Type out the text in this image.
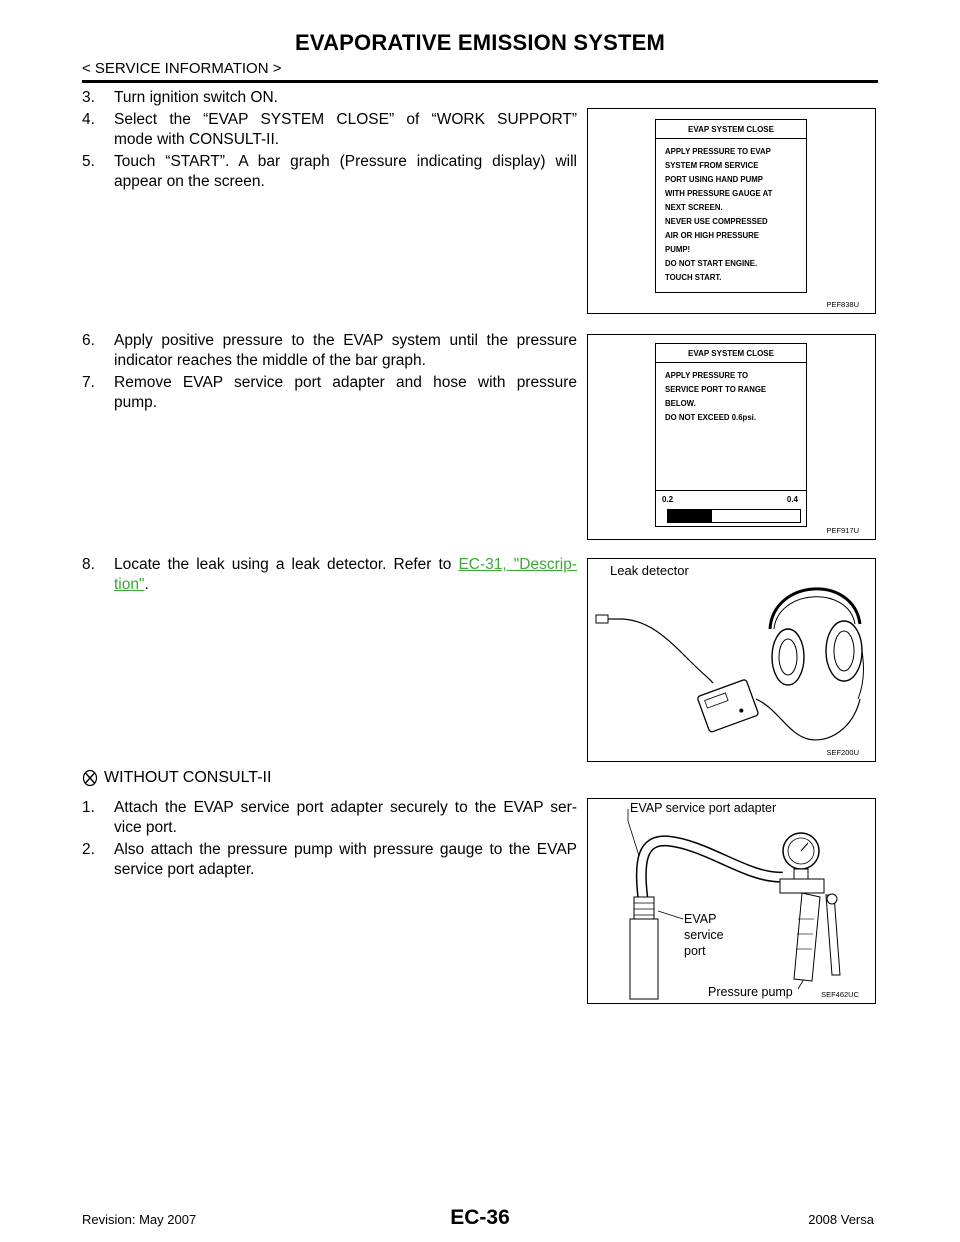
EVAPORATIVE EMISSION SYSTEM
< SERVICE INFORMATION >
3. Turn ignition switch ON.
4. Select the “EVAP SYSTEM CLOSE” of “WORK SUPPORT”
mode with CONSULT-II.
5. Touch “START”. A bar graph (Pressure indicating display) will
appear on the screen.
6. Apply positive pressure to the EVAP system until the pressure
indicator reaches the middle of the bar graph.
7. Remove EVAP service port adapter and hose with pressure
pump.
8. Locate the leak using a leak detector. Refer to EC-31, "Descrip-
tion".
WITHOUT CONSULT-II
1. Attach the EVAP service port adapter securely to the EVAP ser-
vice port.
2. Also attach the pressure pump with pressure gauge to the EVAP
service port adapter.
EVAP SYSTEM CLOSE
APPLY PRESSURE TO EVAP
SYSTEM FROM SERVICE
PORT USING HAND PUMP
WITH PRESSURE GAUGE AT
NEXT SCREEN.
NEVER USE COMPRESSED
AIR OR HIGH PRESSURE
PUMP!
DO NOT START ENGINE.
TOUCH START.
PEF838U
EVAP SYSTEM CLOSE
APPLY PRESSURE TO
SERVICE PORT TO RANGE
BELOW.
DO NOT EXCEED 0.6psi.
0.2	0.4
PEF917U
Leak detector
SEF200U
EVAP service port adapter
EVAP
service
port
Pressure pump	SEF462UC
Revision: May 2007	EC-36	2008 Versa
